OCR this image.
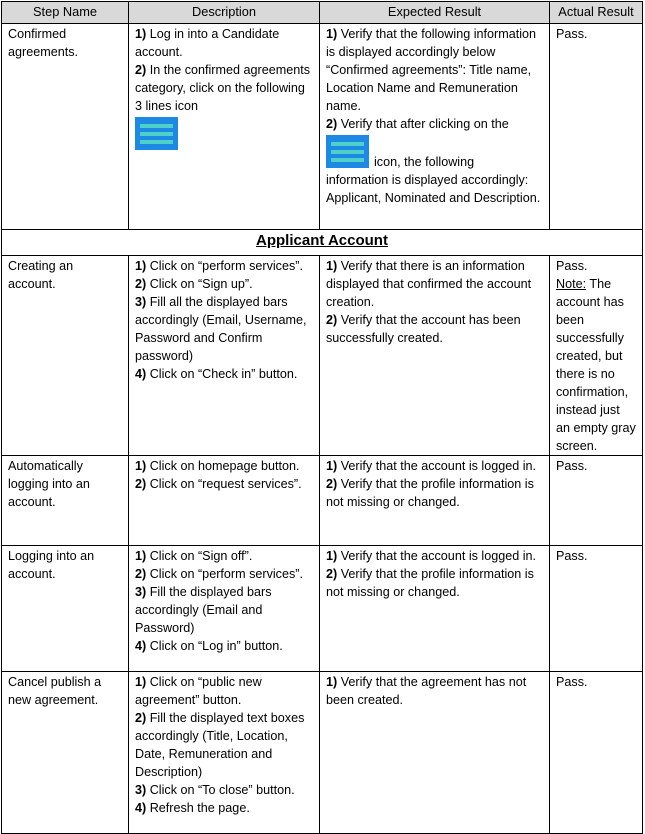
Step Name	Description	Expected Result	Actual Result
Confirmed agreements.	1) Log in into a Candidate account.
2) In the confirmed agreements category, click on the following 3 lines icon	1) Verify that the following information is displayed accordingly below “Confirmed agreements”: Title name, Location Name and Remuneration name.
2) Verify that after clicking on the
icon, the following
information is displayed accordingly: Applicant, Nominated and Description.	Pass.
Applicant Account			
Creating an account.	1) Click on “perform services”.
2) Click on “Sign up”.
3) Fill all the displayed bars accordingly (Email, Username, Password and Confirm password)
4) Click on “Check in” button.	1) Verify that there is an information displayed that confirmed the account creation.
2) Verify that the account has been successfully created.	Pass.
Note: The account has been successfully created, but there is no confirmation, instead just an empty gray screen.

Automatically logging into an account.	1) Click on homepage button.
2) Click on “request services”.	1) Verify that the account is logged in.
2) Verify that the profile information is not missing or changed.	Pass.
Logging into an account.	1) Click on “Sign off”.
2) Click on “perform services”.
3) Fill the displayed bars accordingly (Email and Password)
4) Click on “Log in” button.	1) Verify that the account is logged in.
2) Verify that the profile information is not missing or changed.	Pass.
Cancel publish a new agreement.	1) Click on “public new agreement” button.
2) Fill the displayed text boxes accordingly (Title, Location, Date, Remuneration and Description)
3) Click on “To close” button.
4) Refresh the page.	1) Verify that the agreement has not been created.	Pass.
